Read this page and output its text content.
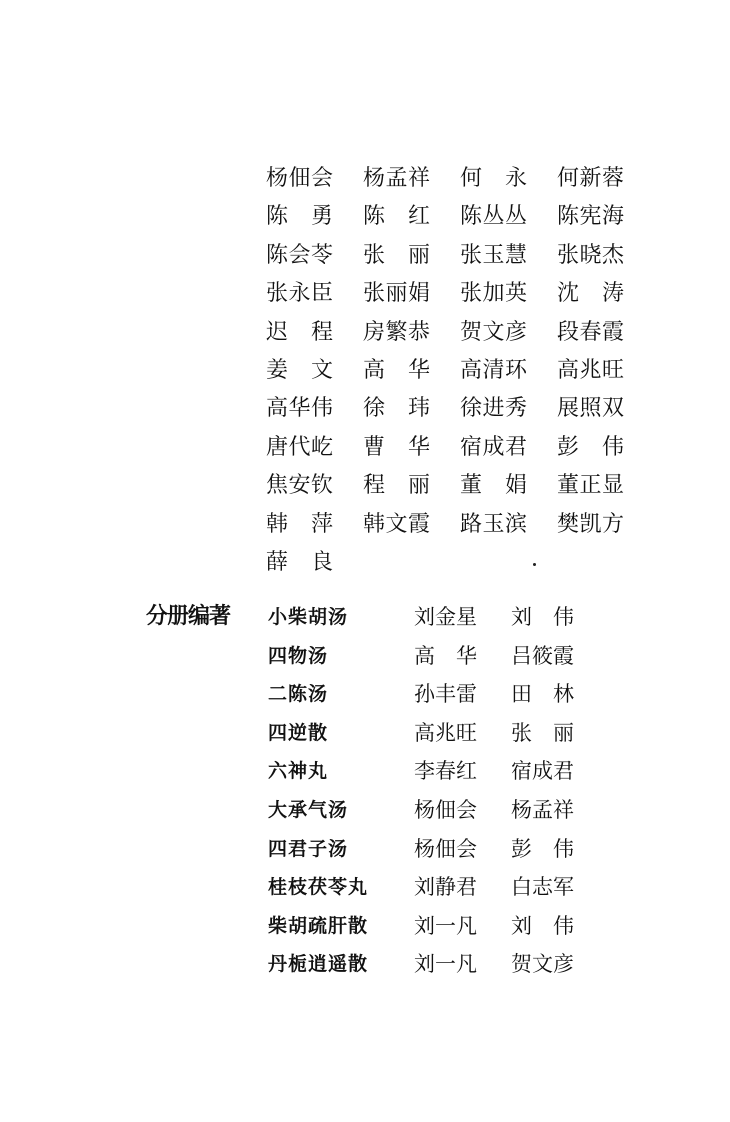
杨佃会	杨孟祥	何　永	何新蓉
陈　勇	陈　红	陈丛丛	陈宪海
陈会苓	张　丽	张玉慧	张晓杰
张永臣	张丽娟	张加英	沈　涛
迟　程	房繁恭	贺文彦	段春霞
姜　文	高　华	高清环	高兆旺
高华伟	徐　玮	徐进秀	展照双
唐代屹	曹　华	宿成君	彭　伟
焦安钦	程　丽	董　娟	董正显
韩　萍	韩文霞	路玉滨	樊凯方
薛　良
分册编著 小柴胡汤	刘金星	刘　伟
四物汤	高　华	吕筱霞
二陈汤	孙丰雷	田　林
四逆散	高兆旺	张　丽
六神丸	李春红	宿成君
大承气汤	杨佃会	杨孟祥
四君子汤	杨佃会	彭　伟
桂枝茯苓丸	刘静君	白志军
柴胡疏肝散	刘一凡	刘　伟
丹栀逍遥散	刘一凡	贺文彦
